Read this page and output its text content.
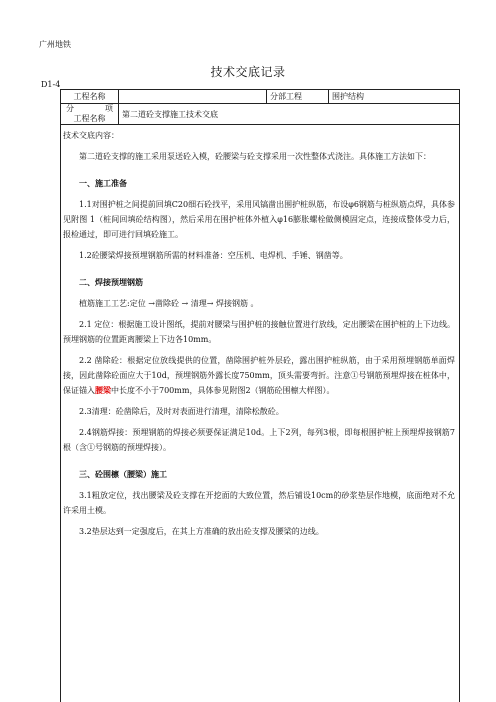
广州地铁
技术交底记录
D1-4
工程名称		分部工程	围护结构

分 项
工程名称	第二道砼支撑施工技术交底		

技术交底内容：

第二道砼支撑的施工采用泵送砼入模，砼腰梁与砼支撑采用一次性整体式浇注。具体施工方法如下：

一、施工准备

1.1对围护桩之间提前回填C20细石砼找平，采用风镐凿出围护桩纵筋，布设φ6钢筋与桩纵筋点焊，具体参见附图 1（桩间回填砼结构图），然后采用在围护桩体外植入φ16膨胀螺栓做侧模固定点，连接成整体受力后，报检通过，即可进行回填砼施工。

1.2砼腰梁焊接预埋钢筋所需的材料准备：空压机、电焊机、手锤、钢凿等。

二、焊接预埋钢筋

植筋施工工艺:定位 →凿除砼 → 清理→ 焊接钢筋 。

2.1 定位：根据施工设计图纸，提前对腰梁与围护桩的接触位置进行放线，定出腰梁在围护桩的上下边线。预埋钢筋的位置距离腰梁上下边各10mm。

2.2 凿除砼：根据定位放线提供的位置，凿除围护桩外层砼，露出围护桩纵筋，由于采用预埋钢筋单面焊接，因此凿除砼面应大于10d，预埋钢筋外露长度750mm，顶头需要弯折。注意①号钢筋预埋焊接在桩体中，保证锚入腰梁中长度不小于700mm，具体参见附图2（钢筋砼围檩大样图）。

2.3清理：砼凿除后，及时对表面进行清理，清除松散砼。

2.4钢筋焊接：预埋钢筋的焊接必须要保证满足10d。上下2列，每列3根，即每根围护桩上预埋焊接钢筋7根（含①号钢筋的预埋焊接）。

三、砼围檩（腰梁）施工

3.1粗放定位，找出腰梁及砼支撑在开挖面的大致位置，然后铺设10cm的砂浆垫层作地模，底面绝对不允许采用土模。

3.2垫层达到一定强度后，在其上方准确的放出砼支撑及腰梁的边线。
